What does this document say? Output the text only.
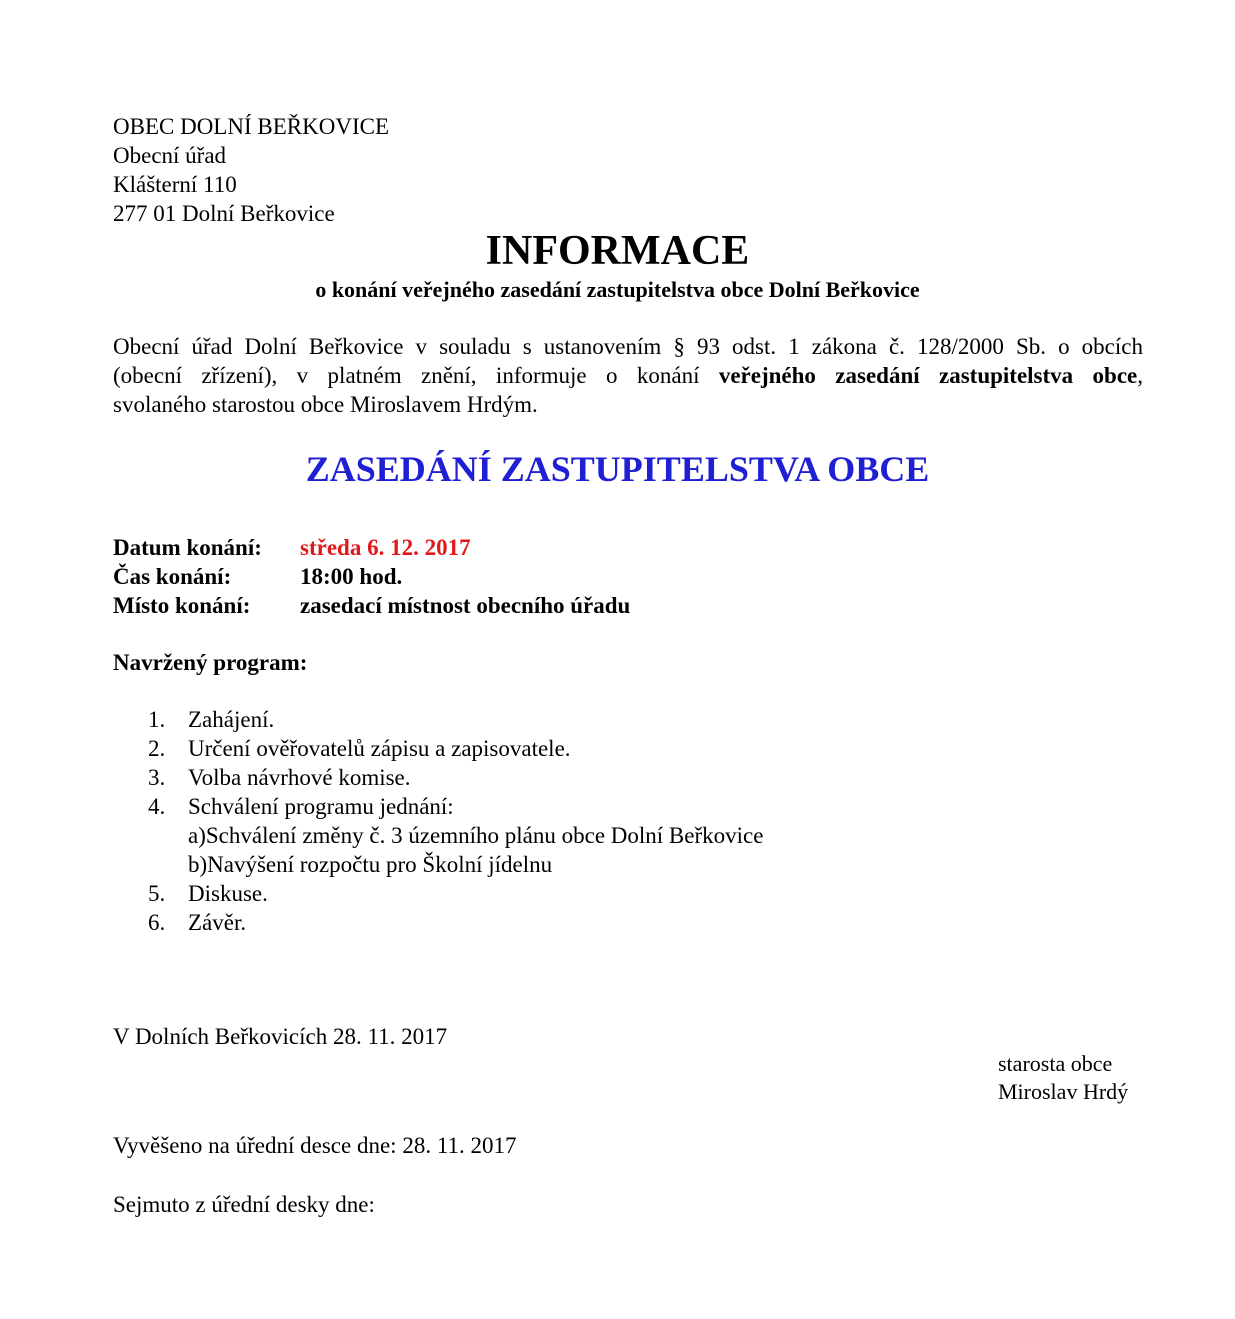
OBEC DOLNÍ BEŘKOVICE
Obecní úřad
Klášterní 110
277 01 Dolní Beřkovice
INFORMACE
o konání veřejného zasedání zastupitelstva obce Dolní Beřkovice
Obecní úřad Dolní Beřkovice v souladu s ustanovením § 93 odst. 1 zákona č. 128/2000 Sb. o obcích
(obecní zřízení), v platném znění, informuje o konání veřejného zasedání zastupitelstva obce,
svolaného starostou obce Miroslavem Hrdým.
ZASEDÁNÍ ZASTUPITELSTVA OBCE
Datum konání: středa 6. 12. 2017
Čas konání:	18:00 hod.
Místo konání: zasedací místnost obecního úřadu
Navržený program:
1. Zahájení.
2. Určení ověřovatelů zápisu a zapisovatele.
3. Volba návrhové komise.
4. Schválení programu jednání:
a)Schválení změny č. 3 územního plánu obce Dolní Beřkovice
b)Navýšení rozpočtu pro Školní jídelnu
5. Diskuse.
6. Závěr.
V Dolních Beřkovicích 28. 11. 2017
starosta obce
Miroslav Hrdý
Vyvěšeno na úřední desce dne: 28. 11. 2017
Sejmuto z úřední desky dne:
